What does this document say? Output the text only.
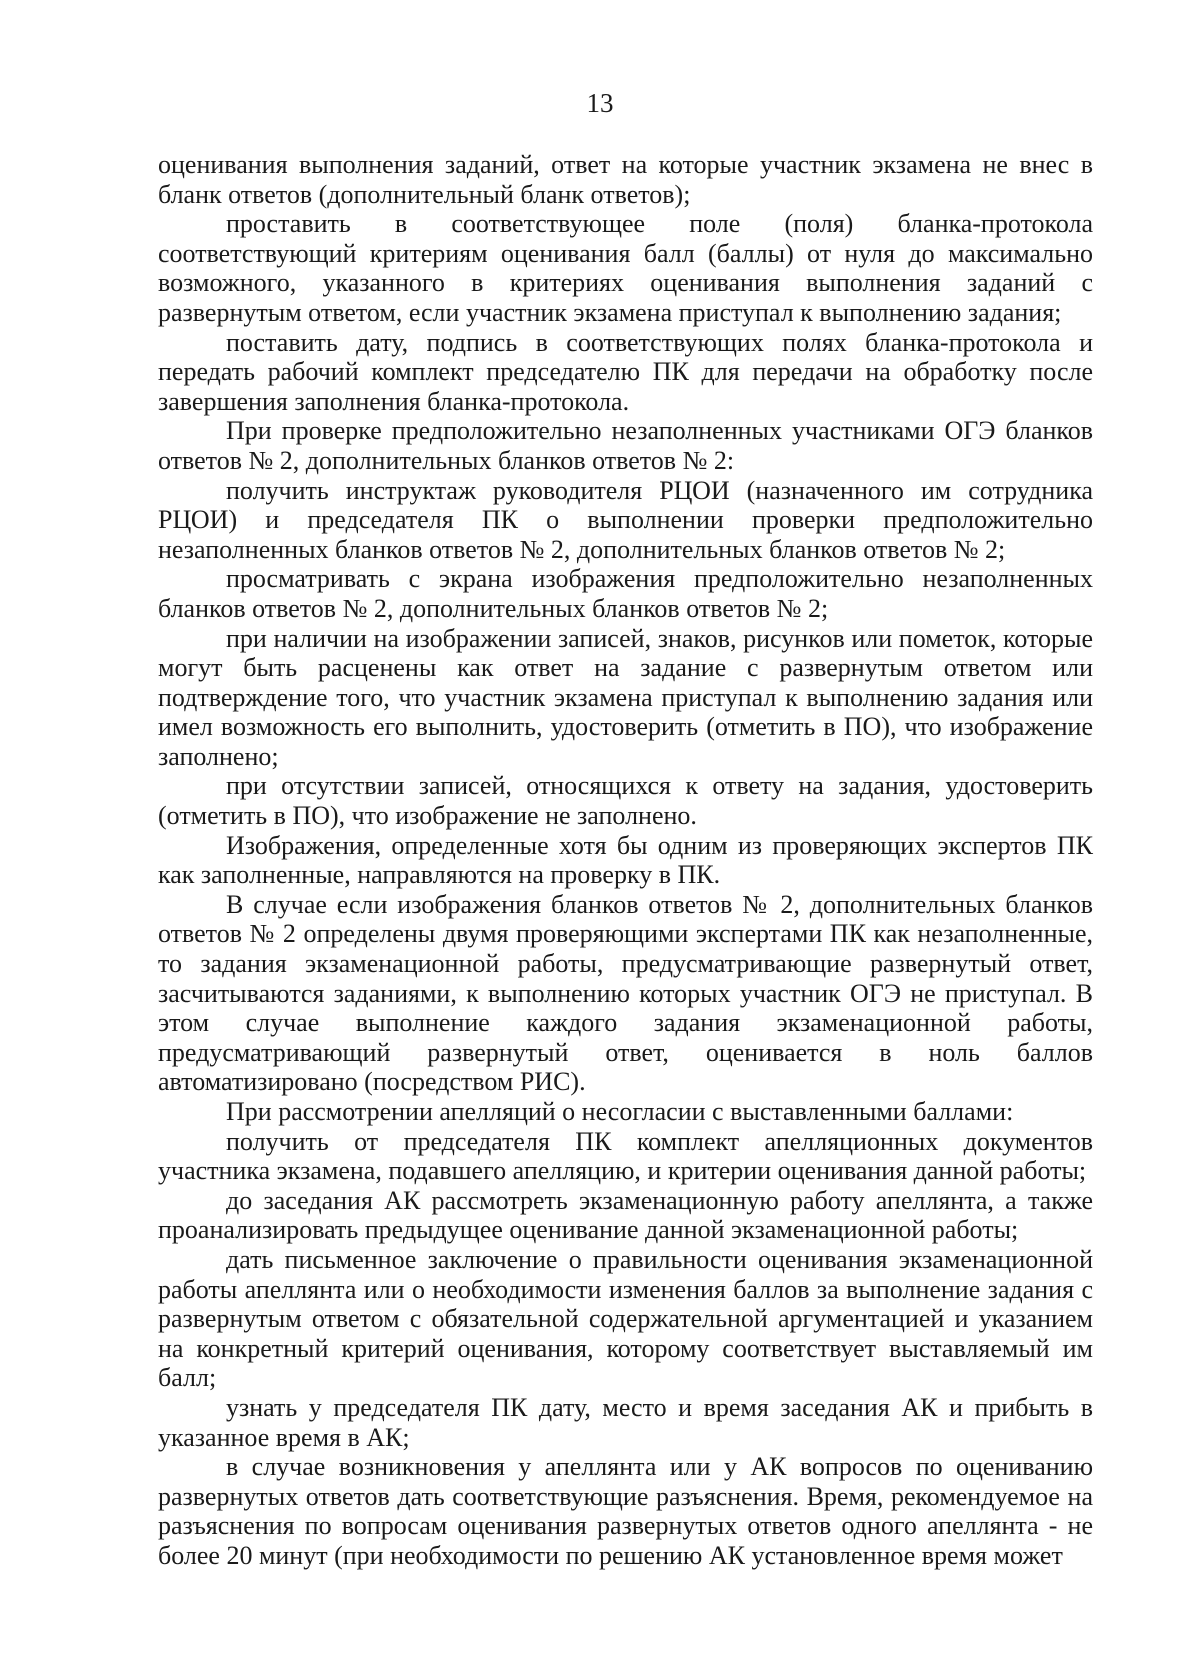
13

оценивания выполнения заданий, ответ на которые участник экзамена не внес в бланк ответов (дополнительный бланк ответов);

проставить в соответствующее поле (поля) бланка-протокола соответствующий критериям оценивания балл (баллы) от нуля до максимально возможного, указанного в критериях оценивания выполнения заданий с развернутым ответом, если участник экзамена приступал к выполнению задания;

поставить дату, подпись в соответствующих полях бланка-протокола и передать рабочий комплект председателю ПК для передачи на обработку после завершения заполнения бланка-протокола.

При проверке предположительно незаполненных участниками ОГЭ бланков ответов № 2, дополнительных бланков ответов № 2:

получить инструктаж руководителя РЦОИ (назначенного им сотрудника РЦОИ) и председателя ПК о выполнении проверки предположительно незаполненных бланков ответов № 2, дополнительных бланков ответов № 2;

просматривать с экрана изображения предположительно незаполненных бланков ответов № 2, дополнительных бланков ответов № 2;

при наличии на изображении записей, знаков, рисунков или пометок, которые могут быть расценены как ответ на задание с развернутым ответом или подтверждение того, что участник экзамена приступал к выполнению задания или имел возможность его выполнить, удостоверить (отметить в ПО), что изображение заполнено;

при отсутствии записей, относящихся к ответу на задания, удостоверить (отметить в ПО), что изображение не заполнено.

Изображения, определенные хотя бы одним из проверяющих экспертов ПК как заполненные, направляются на проверку в ПК.

В случае если изображения бланков ответов № 2, дополнительных бланков ответов № 2 определены двумя проверяющими экспертами ПК как незаполненные, то задания экзаменационной работы, предусматривающие развернутый ответ, засчитываются заданиями, к выполнению которых участник ОГЭ не приступал. В этом случае выполнение каждого задания экзаменационной работы, предусматривающий развернутый ответ, оценивается в ноль баллов автоматизировано (посредством РИС).

При рассмотрении апелляций о несогласии с выставленными баллами:

получить от председателя ПК комплект апелляционных документов участника экзамена, подавшего апелляцию, и критерии оценивания данной работы;

до заседания АК рассмотреть экзаменационную работу апеллянта, а также проанализировать предыдущее оценивание данной экзаменационной работы;

дать письменное заключение о правильности оценивания экзаменационной работы апеллянта или о необходимости изменения баллов за выполнение задания с развернутым ответом с обязательной содержательной аргументацией и указанием на конкретный критерий оценивания, которому соответствует выставляемый им балл;

узнать у председателя ПК дату, место и время заседания АК и прибыть в указанное время в АК;

в случае возникновения у апеллянта или у АК вопросов по оцениванию развернутых ответов дать соответствующие разъяснения. Время, рекомендуемое на разъяснения по вопросам оценивания развернутых ответов одного апеллянта - не более 20 минут (при необходимости по решению АК установленное время может
